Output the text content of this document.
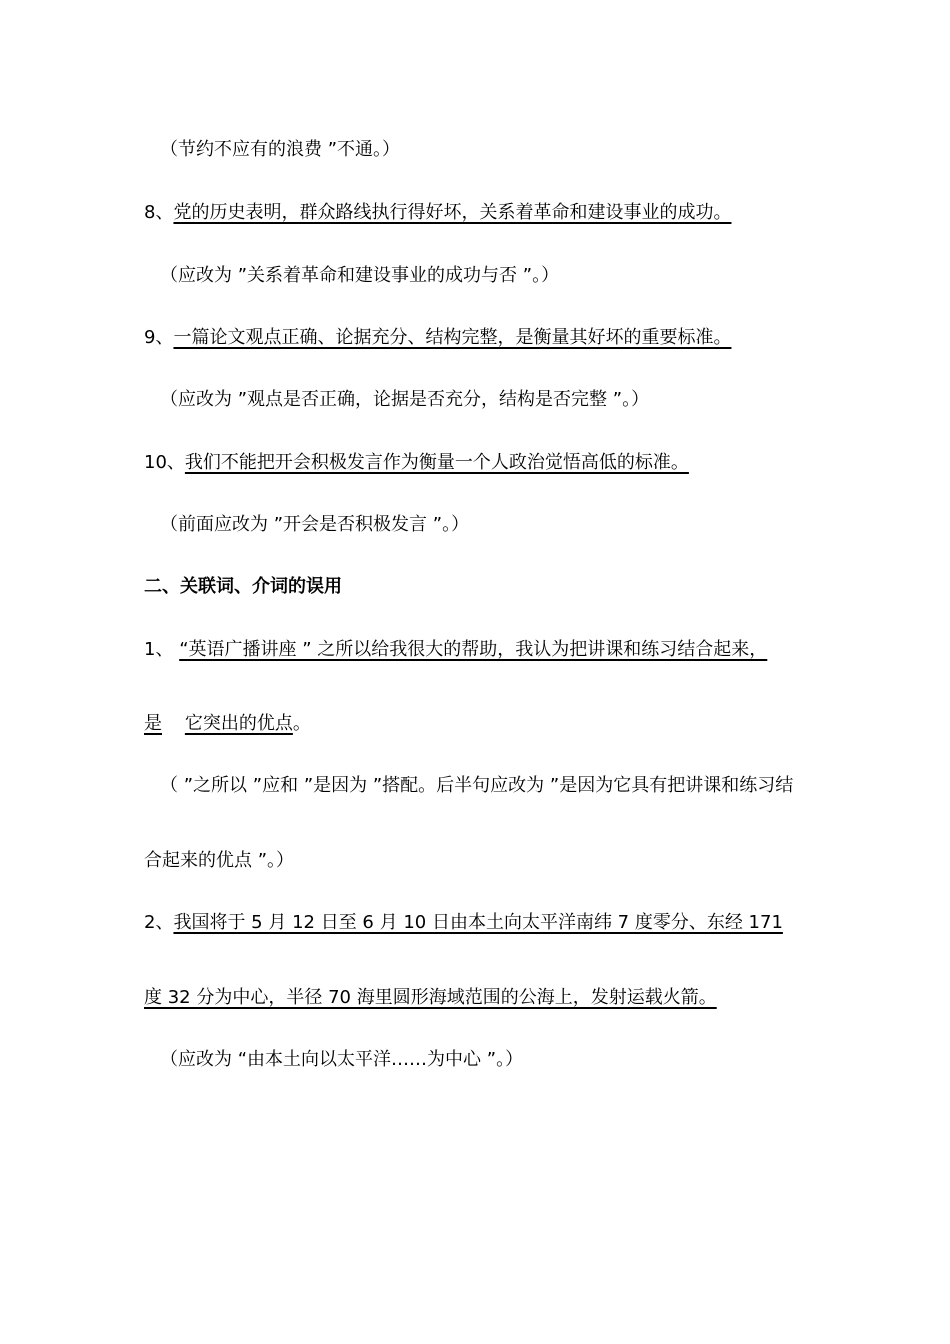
（节约不应有的浪费 ”不通。）
8、党的历史表明，群众路线执行得好坏，关系着革命和建设事业的成功。
（应改为 ”关系着革命和建设事业的成功与否 ”。）
9、一篇论文观点正确、论据充分、结构完整，是衡量其好坏的重要标准。
（应改为 ”观点是否正确，论据是否充分，结构是否完整 ”。）
10、我们不能把开会积极发言作为衡量一个人政治觉悟高低的标准。
（前面应改为 ”开会是否积极发言 ”。）
二、关联词、介词的误用
1、 “英语广播讲座 ” 之所以给我很大的帮助，我认为把讲课和练习结合起来，
是 它突出的优点。
（ ”之所以 ”应和 ”是因为 ”搭配。后半句应改为 ”是因为它具有把讲课和练习结
合起来的优点 ”。）
2、我国将于 5 月 12 日至 6 月 10 日由本土向太平洋南纬 7 度零分、东经 171
度 32 分为中心，半径 70 海里圆形海域范围的公海上，发射运载火箭。
（应改为 “由本土向以太平洋……为中心 ”。）
